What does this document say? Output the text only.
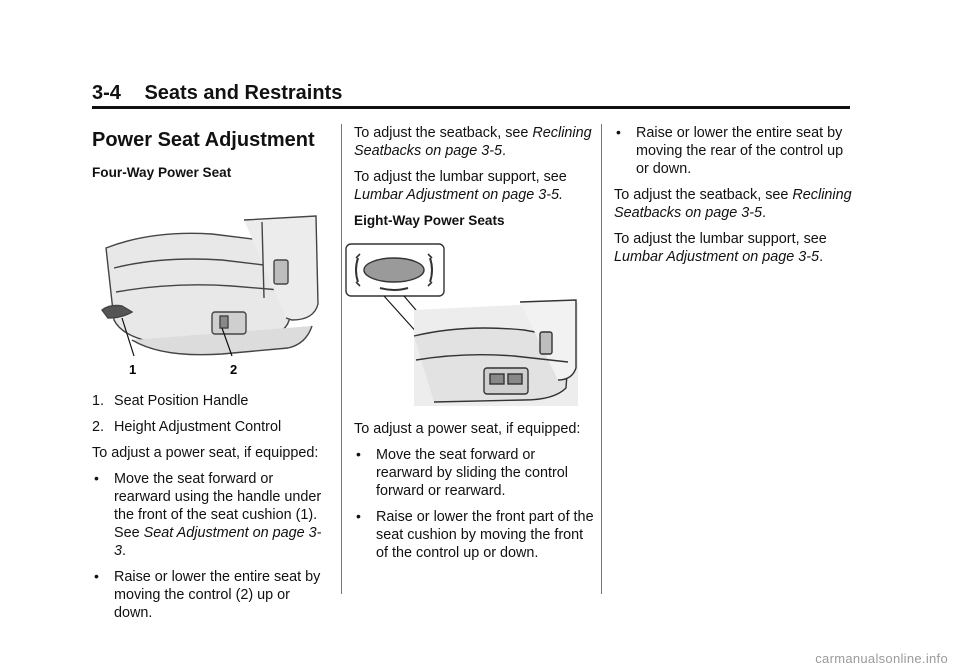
3-4 Seats and Restraints
Power Seat Adjustment
Four-Way Power Seat
1	2
1. Seat Position Handle
2. Height Adjustment Control

To adjust a power seat, if equipped:

• Move the seat forward or rearward using the handle under the front of the seat cushion (1). See Seat Adjustment on page 3-3.
• Raise or lower the entire seat by moving the control (2) up or down.

To adjust the seatback, see Reclining Seatbacks on page 3-5.

To adjust the lumbar support, see Lumbar Adjustment on page 3-5.

Eight-Way Power Seats

To adjust a power seat, if equipped:

• Move the seat forward or rearward by sliding the control forward or rearward.
• Raise or lower the front part of the seat cushion by moving the front of the control up or down.
• Raise or lower the entire seat by moving the rear of the control up or down.

To adjust the seatback, see Reclining Seatbacks on page 3-5.

To adjust the lumbar support, see Lumbar Adjustment on page 3-5.

carmanualsonline.info
